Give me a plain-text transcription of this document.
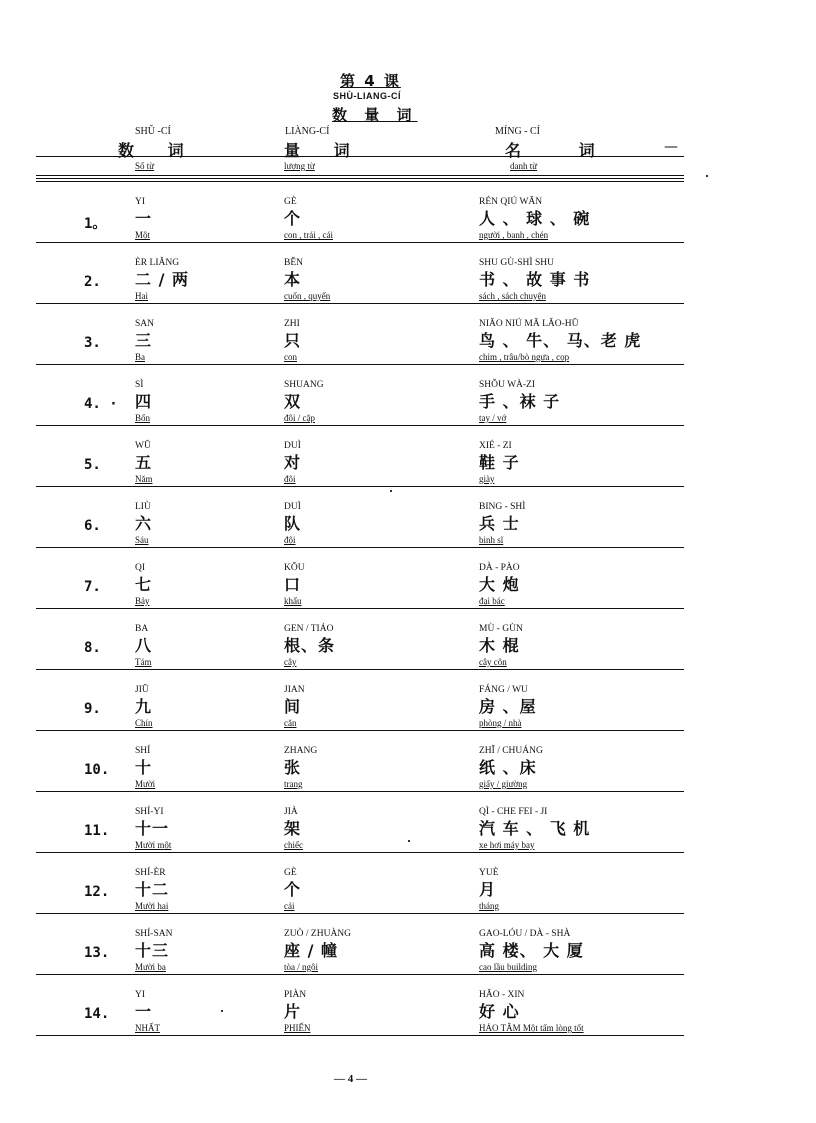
第 4 课
SHÙ-LIANG-CÍ
数 量 词
SHǓ -CÍ
数 词
Số từ
LIÀNG-CÍ
量 词
lượng từ
MÍNG - CÍ
名 词
danh từ
—
1。
YI
一
Một
GÈ
个
con , trái , cái
RÉN QIÚ WǍN
人 、 球 、 碗
người , banh , chén
2.
ÈR LIǍNG
二 / 两
Hai
BĚN
本
cuốn , quyển
SHU GÙ-SHÌ SHU
书 、 故 事 书
sách , sách chuyện
3.
SAN
三
Ba
ZHI
只
con
NIǍO NIÚ MǍ LǍO-HǓ
鸟 、 牛、 马、老 虎
chim , trâu/bò ngựa , cọp
4. ·
SÌ
四
Bốn
SHUANG
双
đôi / cặp
SHǑU WÀ-ZI
手 、袜 子
tay / vớ
5.
WǓ
五
Năm
DUÌ
对
đôi
XIÉ - ZI
鞋 子
giày
6.
LIÙ
六
Sáu
DUÌ
队
đội
BING - SHÌ
兵 士
binh sĩ
7.
QI
七
Bảy
KǑU
口
khẩu
DÀ - PÀO
大 炮
đại bác
8.
BA
八
Tám
GEN / TIÁO
根、条
cây
MÙ - GÙN
木 棍
cây côn
9.
JIǓ
九
Chín
JIAN
间
căn
FÁNG / WU
房 、屋
phòng / nhà
10.
SHÍ
十
Mười
ZHANG
张
trang
ZHǏ / CHUÁNG
纸 、床
giấy / giường
11.
SHÍ-YI
十一
Mười một
JIÀ
架
chiếc
QÌ - CHE FEI - JI
汽 车 、 飞 机
xe hơi máy bay
12.
SHÍ-ÈR
十二
Mười hai
GÈ
个
cái
YUÈ
月
tháng
13.
SHÍ-SAN
十三
Mười ba
ZUÒ / ZHUÀNG
座 / 幢
tòa / ngôi
GAO-LÓU / DÀ - SHÀ
高 楼、 大 厦
cao lầu building
14.
YI
一
NHẤT
PIÀN
片
PHIẾN
HǍO - XIN
好 心
HẢO TÂM Một tấm lòng tốt
— 4 —
